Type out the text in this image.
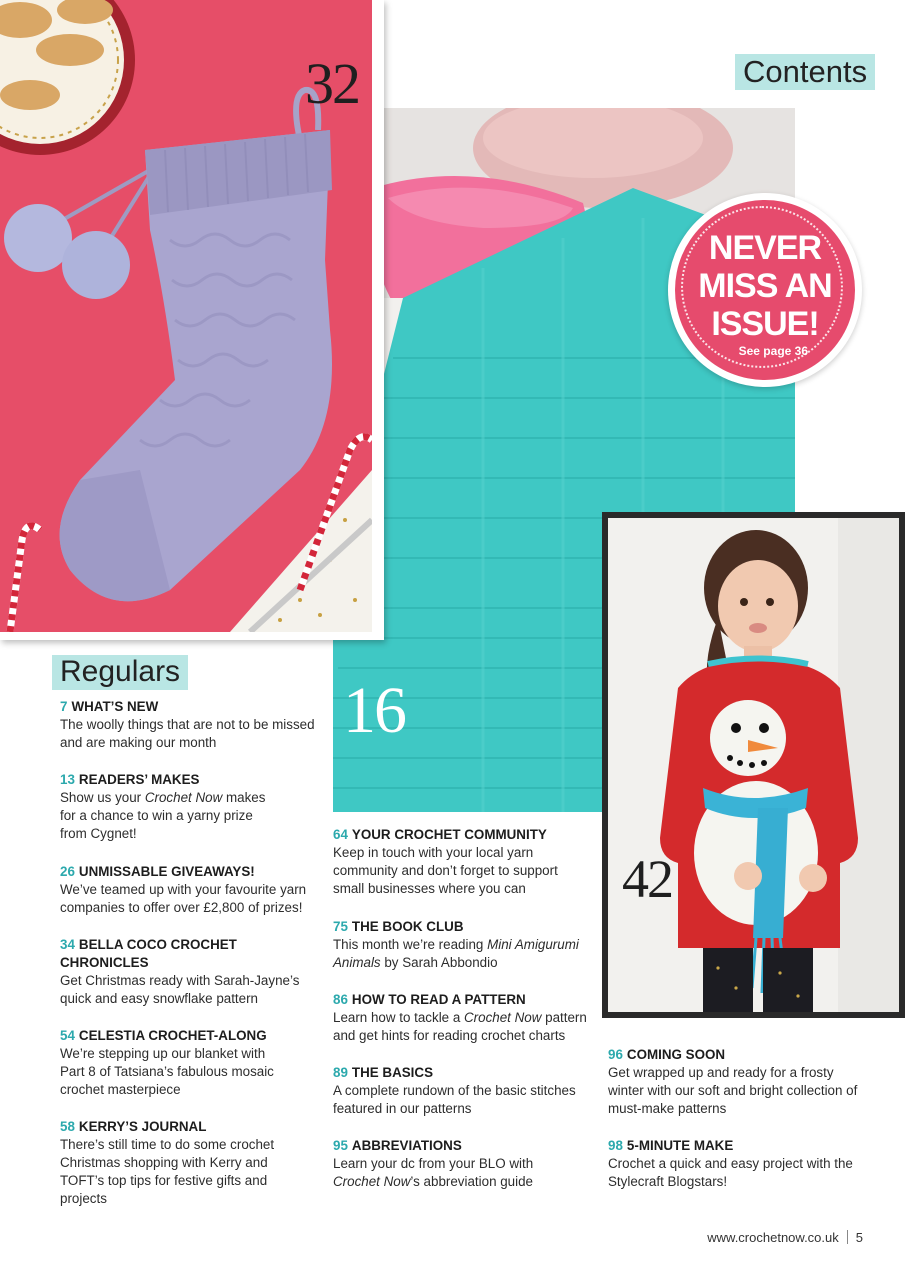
32
16
Contents
NEVER
MISS AN
ISSUE!
See page 36
42
Regulars

7 WHAT’S NEW

The woolly things that are not to be missed and are making our month

13 READERS’ MAKES

Show us your Crochet Now makes for a chance to win a yarny prize from Cygnet!

26 UNMISSABLE GIVEAWAYS!

We’ve teamed up with your favourite yarn companies to offer over £2,800 of prizes!

34 BELLA COCO CROCHET CHRONICLES

Get Christmas ready with Sarah-Jayne’s quick and easy snowflake pattern

54 CELESTIA CROCHET-ALONG

We’re stepping up our blanket with Part 8 of Tatsiana’s fabulous mosaic crochet masterpiece

58 KERRY’S JOURNAL

There’s still time to do some crochet Christmas shopping with Kerry and TOFT’s top tips for festive gifts and projects

64 YOUR CROCHET COMMUNITY

Keep in touch with your local yarn community and don’t forget to support small businesses where you can

75 THE BOOK CLUB

This month we’re reading Mini Amigurumi Animals by Sarah Abbondio

86 HOW TO READ A PATTERN

Learn how to tackle a Crochet Now pattern and get hints for reading crochet charts

89 THE BASICS

A complete rundown of the basic stitches featured in our patterns

95 ABBREVIATIONS

Learn your dc from your BLO with Crochet Now’s abbreviation guide

96 COMING SOON

Get wrapped up and ready for a frosty winter with our soft and bright collection of must-make patterns

98 5-MINUTE MAKE

Crochet a quick and easy project with the Stylecraft Blogstars!

www.crochetnow.co.uk 5
